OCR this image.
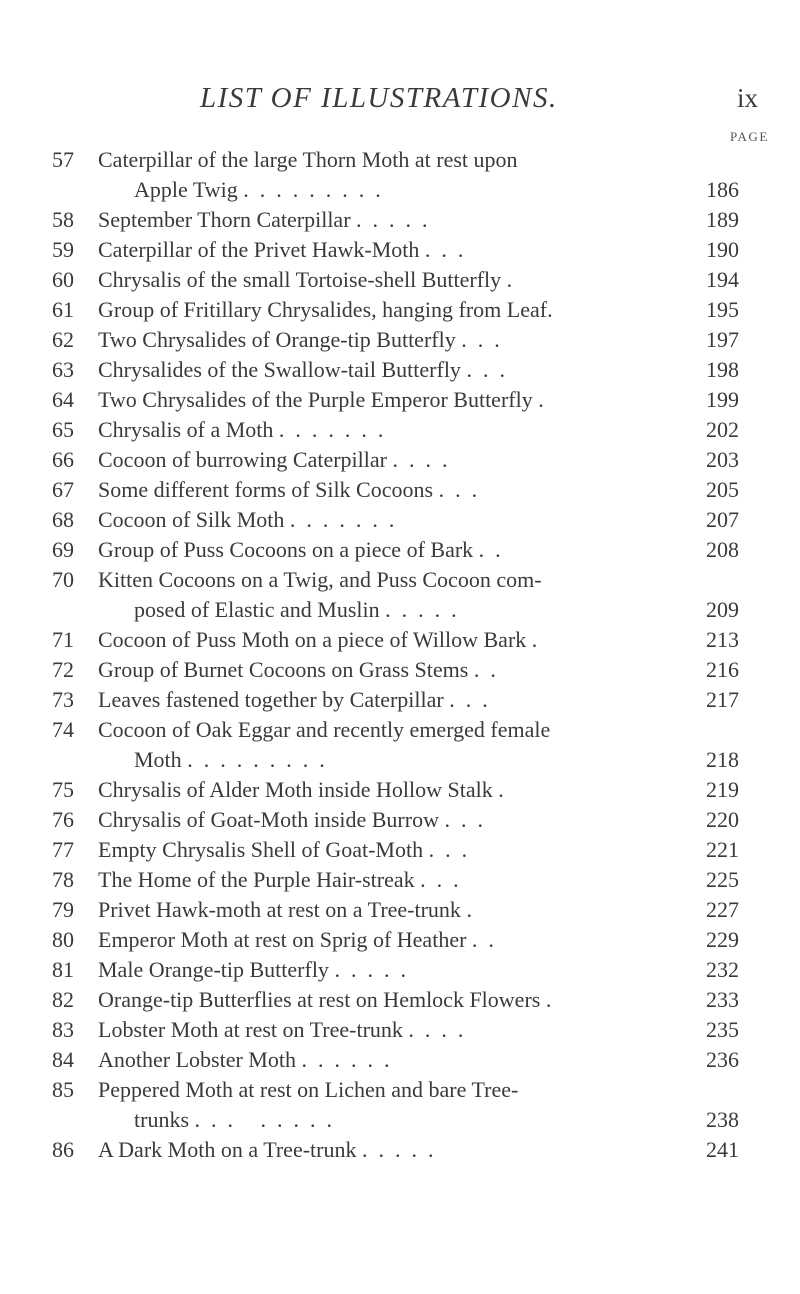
LIST OF ILLUSTRATIONS.	ix
PAGE
57	Caterpillar of the large Thorn Moth at rest upon
Apple Twig .  .  .  .  .  .  .  .  .	186
58	September Thorn Caterpillar .  .  .  .  .	189
59	Caterpillar of the Privet Hawk-Moth .  .  .	190
60	Chrysalis of the small Tortoise-shell Butterfly .	194
61	Group of Fritillary Chrysalides, hanging from Leaf.	195
62	Two Chrysalides of Orange-tip Butterfly .  .  .	197
63	Chrysalides of the Swallow-tail Butterfly .  .  .	198
64	Two Chrysalides of the Purple Emperor Butterfly .	199
65	Chrysalis of a Moth .  .  .  .  .  .  .	202
66	Cocoon of burrowing Caterpillar .  .  .  .	203
67	Some different forms of Silk Cocoons .  .  .	205
68	Cocoon of Silk Moth .  .  .  .  .  .  .	207
69	Group of Puss Cocoons on a piece of Bark .  .	208
70	Kitten Cocoons on a Twig, and Puss Cocoon com-
posed of Elastic and Muslin .  .  .  .  .	209
71	Cocoon of Puss Moth on a piece of Willow Bark .	213
72	Group of Burnet Cocoons on Grass Stems .  .	216
73	Leaves fastened together by Caterpillar .  .  .	217
74	Cocoon of Oak Eggar and recently emerged female
Moth .  .  .  .  .  .  .  .  .	218
75	Chrysalis of Alder Moth inside Hollow Stalk .	219
76	Chrysalis of Goat-Moth inside Burrow .  .  .	220
77	Empty Chrysalis Shell of Goat-Moth .  .  .	221
78	The Home of the Purple Hair-streak .  .  .	225
79	Privet Hawk-moth at rest on a Tree-trunk .	227
80	Emperor Moth at rest on Sprig of Heather .  .	229
81	Male Orange-tip Butterfly .  .  .  .  .	232
82	Orange-tip Butterflies at rest on Hemlock Flowers .	233
83	Lobster Moth at rest on Tree-trunk .  .  .  .	235
84	Another Lobster Moth .  .  .  .  .  .	236
85	Peppered Moth at rest on Lichen and bare Tree-
trunks .  .  .     .  .  .  .  .	238
86	A Dark Moth on a Tree-trunk .  .  .  .  .	241
